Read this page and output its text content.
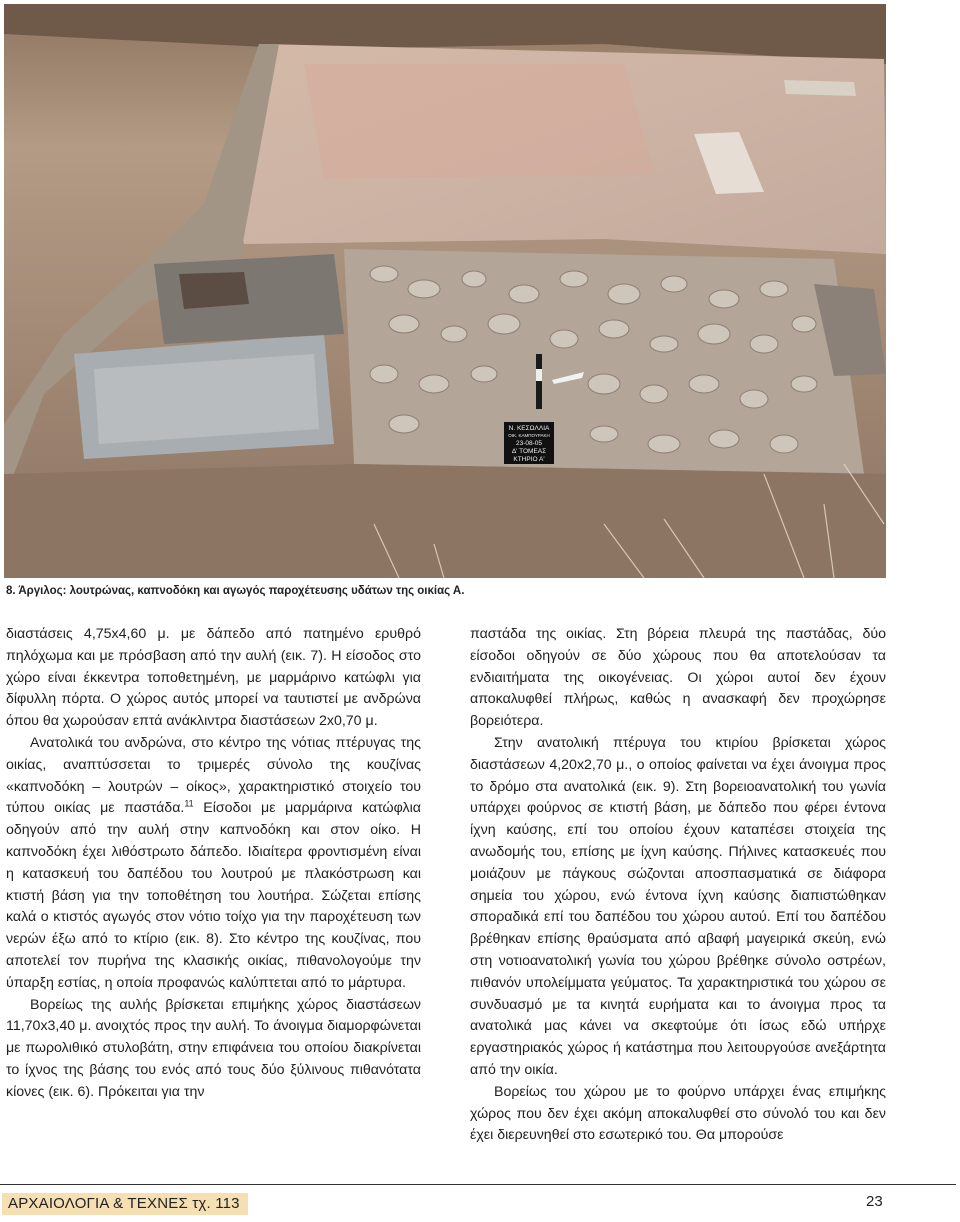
Ν. ΚΕΣΩΛΛΙΑ
ΟΙΚ. ΚΑΜΠΟΥΡΑΚΗ
23-08-05
Δ' ΤΟΜΕΑΣ
ΚΤΗΡΙΟ Α'
8. Άργιλος: λουτρώνας, καπνοδόκη και αγωγός παροχέτευσης υδάτων της οικίας Α.

διαστάσεις 4,75x4,60 μ. με δάπεδο από πατημένο ερυθρό πηλόχωμα και με πρόσβαση από την αυλή (εικ. 7). Η είσοδος στο χώρο είναι έκκεντρα τοποθετημένη, με μαρμάρινο κατώφλι για δίφυλλη πόρτα. Ο χώρος αυτός μπορεί να ταυτιστεί με ανδρώνα όπου θα χωρούσαν επτά ανάκλιντρα διαστάσεων 2x0,70 μ.

Ανατολικά του ανδρώνα, στο κέντρο της νότιας πτέρυγας της οικίας, αναπτύσσεται το τριμερές σύνολο της κουζίνας «καπνοδόκη – λουτρών – οίκος», χαρακτηριστικό στοιχείο του τύπου οικίας με παστάδα.$^{11}$ Είσοδοι με μαρμάρινα κατώφλια οδηγούν από την αυλή στην καπνοδόκη και στον οίκο. Η καπνοδόκη έχει λιθόστρωτο δάπεδο. Ιδιαίτερα φροντισμένη είναι η κατασκευή του δαπέδου του λουτρού με πλακόστρωση και κτιστή βάση για την τοποθέτηση του λουτήρα. Σώζεται επίσης καλά ο κτιστός αγωγός στον νότιο τοίχο για την παροχέτευση των νερών έξω από το κτίριο (εικ. 8). Στο κέντρο της κουζίνας, που αποτελεί τον πυρήνα της κλασικής οικίας, πιθανολογούμε την ύπαρξη εστίας, η οποία προφανώς καλύπτεται από το μάρτυρα.

Βορείως της αυλής βρίσκεται επιμήκης χώρος διαστάσεων 11,70x3,40 μ. ανοιχτός προς την αυλή. Το άνοιγμα διαμορφώνεται με πωρολιθικό στυλοβάτη, στην επιφάνεια του οποίου διακρίνεται το ίχνος της βάσης του ενός από τους δύο ξύλινους πιθανότατα κίονες (εικ. 6). Πρόκειται για την

παστάδα της οικίας. Στη βόρεια πλευρά της παστάδας, δύο είσοδοι οδηγούν σε δύο χώρους που θα αποτελούσαν τα ενδιαιτήματα της οικογένειας. Οι χώροι αυτοί δεν έχουν αποκαλυφθεί πλήρως, καθώς η ανασκαφή δεν προχώρησε βορειότερα.

Στην ανατολική πτέρυγα του κτιρίου βρίσκεται χώρος διαστάσεων 4,20x2,70 μ., ο οποίος φαίνεται να έχει άνοιγμα προς το δρόμο στα ανατολικά (εικ. 9). Στη βορειοανατολική του γωνία υπάρχει φούρνος σε κτιστή βάση, με δάπεδο που φέρει έντονα ίχνη καύσης, επί του οποίου έχουν καταπέσει στοιχεία της ανωδομής του, επίσης με ίχνη καύσης. Πήλινες κατασκευές που μοιάζουν με πάγκους σώζονται αποσπασματικά σε διάφορα σημεία του χώρου, ενώ έντονα ίχνη καύσης διαπιστώθηκαν σποραδικά επί του δαπέδου του χώρου αυτού. Επί του δαπέδου βρέθηκαν επίσης θραύσματα από αβαφή μαγειρικά σκεύη, ενώ στη νοτιοανατολική γωνία του χώρου βρέθηκε σύνολο οστρέων, πιθανόν υπολείμματα γεύματος. Τα χαρακτηριστικά του χώρου σε συνδυασμό με τα κινητά ευρήματα και το άνοιγμα προς τα ανατολικά μας κάνει να σκεφτούμε ότι ίσως εδώ υπήρχε εργαστηριακός χώρος ή κατάστημα που λειτουργούσε ανεξάρτητα από την οικία.

Βορείως του χώρου με το φούρνο υπάρχει ένας επιμήκης χώρος που δεν έχει ακόμη αποκαλυφθεί στο σύνολό του και δεν έχει διερευνηθεί στο εσωτερικό του. Θα μπορούσε

ΑΡΧΑΙΟΛΟΓΙΑ & ΤΕΧΝΕΣ τχ. 113	23
